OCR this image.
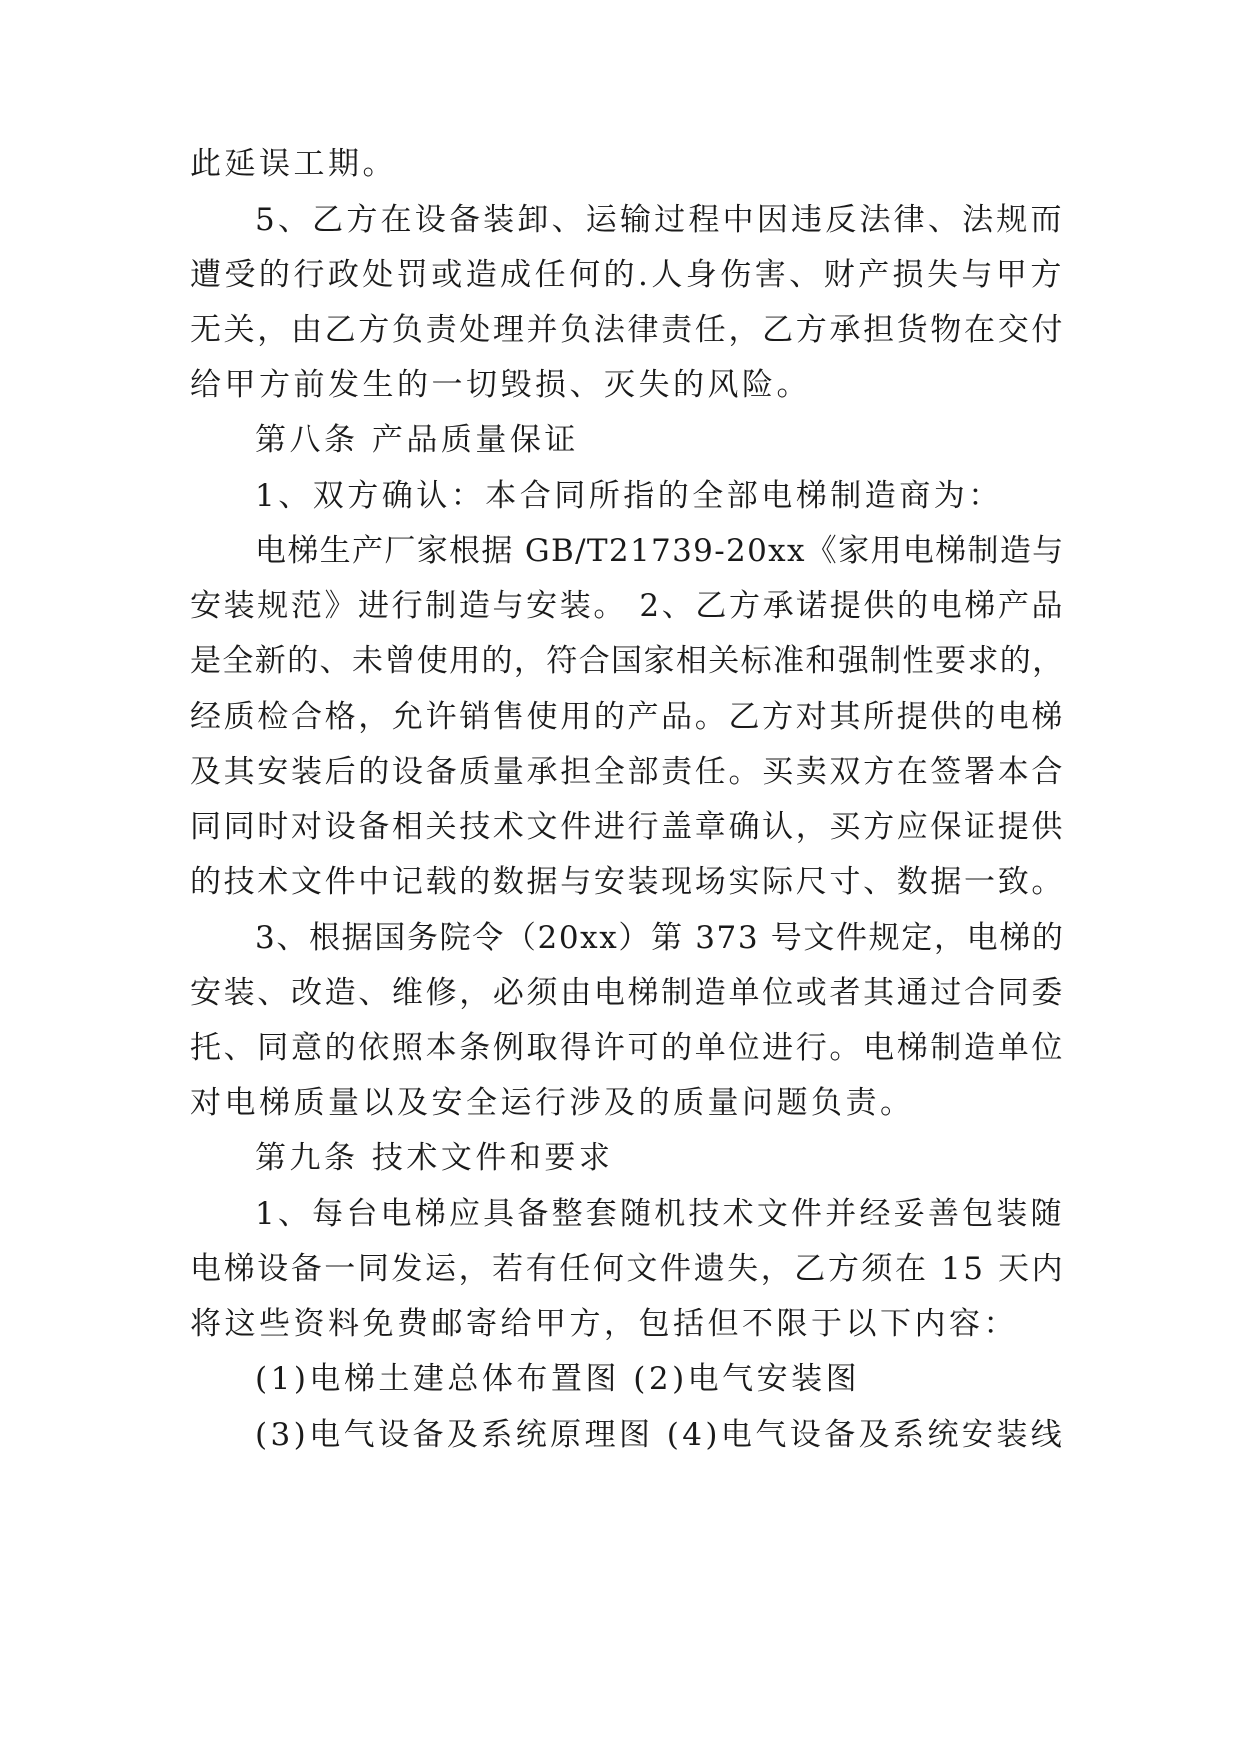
此延误工期。
5、乙方在设备装卸、运输过程中因违反法律、法规而
遭受的行政处罚或造成任何的.人身伤害、财产损失与甲方
无关，由乙方负责处理并负法律责任，乙方承担货物在交付
给甲方前发生的一切毁损、灭失的风险。
第八条 产品质量保证
1、双方确认：本合同所指的全部电梯制造商为：
电梯生产厂家根据 GB/T21739-20xx《家用电梯制造与
安装规范》进行制造与安装。 2、乙方承诺提供的电梯产品
是全新的、未曾使用的，符合国家相关标准和强制性要求的，
经质检合格，允许销售使用的产品。乙方对其所提供的电梯
及其安装后的设备质量承担全部责任。买卖双方在签署本合
同同时对设备相关技术文件进行盖章确认，买方应保证提供
的技术文件中记载的数据与安装现场实际尺寸、数据一致。
3、根据国务院令（20xx）第 373 号文件规定，电梯的
安装、改造、维修，必须由电梯制造单位或者其通过合同委
托、同意的依照本条例取得许可的单位进行。电梯制造单位
对电梯质量以及安全运行涉及的质量问题负责。
第九条 技术文件和要求
1、每台电梯应具备整套随机技术文件并经妥善包装随
电梯设备一同发运，若有任何文件遗失，乙方须在 15 天内
将这些资料免费邮寄给甲方，包括但不限于以下内容：
(1)电梯土建总体布置图 (2)电气安装图
(3)电气设备及系统原理图 (4)电气设备及系统安装线
